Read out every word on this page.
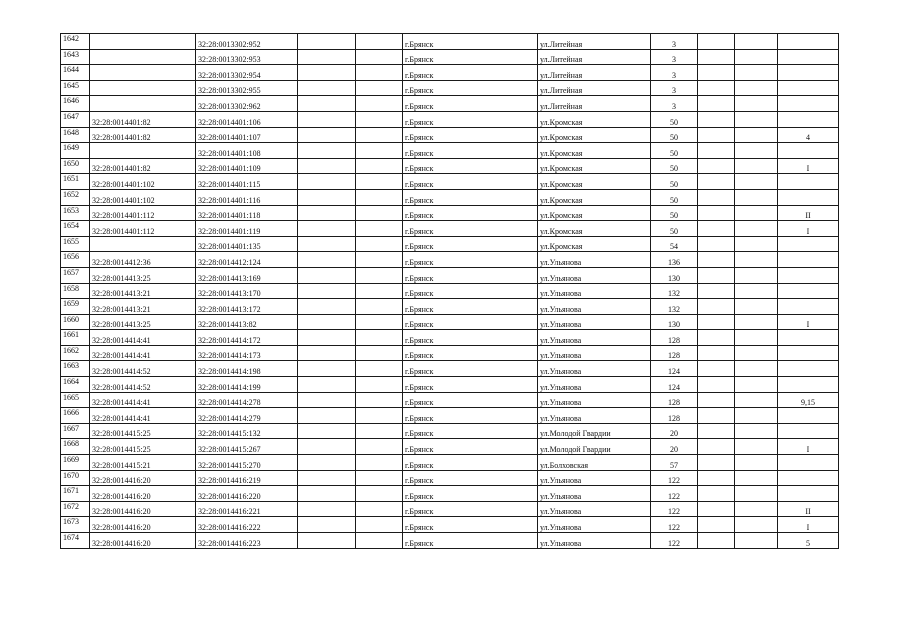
1642		32:28:0013302:952			г.Брянск	ул.Литейная	3			
1643		32:28:0013302:953			г.Брянск	ул.Литейная	3			
1644		32:28:0013302:954			г.Брянск	ул.Литейная	3			
1645		32:28:0013302:955			г.Брянск	ул.Литейная	3			
1646		32:28:0013302:962			г.Брянск	ул.Литейная	3			
1647	32:28:0014401:82	32:28:0014401:106			г.Брянск	ул.Кромская	50			
1648	32:28:0014401:82	32:28:0014401:107			г.Брянск	ул.Кромская	50			4
1649		32:28:0014401:108			г.Брянск	ул.Кромская	50			
1650	32:28:0014401:82	32:28:0014401:109			г.Брянск	ул.Кромская	50			I
1651	32:28:0014401:102	32:28:0014401:115			г.Брянск	ул.Кромская	50			
1652	32:28:0014401:102	32:28:0014401:116			г.Брянск	ул.Кромская	50			
1653	32:28:0014401:112	32:28:0014401:118			г.Брянск	ул.Кромская	50			II
1654	32:28:0014401:112	32:28:0014401:119			г.Брянск	ул.Кромская	50			I
1655		32:28:0014401:135			г.Брянск	ул.Кромская	54			
1656	32:28:0014412:36	32:28:0014412:124			г.Брянск	ул.Ульянова	136			
1657	32:28:0014413:25	32:28:0014413:169			г.Брянск	ул.Ульянова	130			
1658	32:28:0014413:21	32:28:0014413:170			г.Брянск	ул.Ульянова	132			
1659	32:28:0014413:21	32:28:0014413:172			г.Брянск	ул.Ульянова	132			
1660	32:28:0014413:25	32:28:0014413:82			г.Брянск	ул.Ульянова	130			I
1661	32:28:0014414:41	32:28:0014414:172			г.Брянск	ул.Ульянова	128			
1662	32:28:0014414:41	32:28:0014414:173			г.Брянск	ул.Ульянова	128			
1663	32:28:0014414:52	32:28:0014414:198			г.Брянск	ул.Ульянова	124			
1664	32:28:0014414:52	32:28:0014414:199			г.Брянск	ул.Ульянова	124			
1665	32:28:0014414:41	32:28:0014414:278			г.Брянск	ул.Ульянова	128			9,15
1666	32:28:0014414:41	32:28:0014414:279			г.Брянск	ул.Ульянова	128			
1667	32:28:0014415:25	32:28:0014415:132			г.Брянск	ул.Молодой Гвардии	20			
1668	32:28:0014415:25	32:28:0014415:267			г.Брянск	ул.Молодой Гвардии	20			I
1669	32:28:0014415:21	32:28:0014415:270			г.Брянск	ул.Болховская	57			
1670	32:28:0014416:20	32:28:0014416:219			г.Брянск	ул.Ульянова	122			
1671	32:28:0014416:20	32:28:0014416:220			г.Брянск	ул.Ульянова	122			
1672	32:28:0014416:20	32:28:0014416:221			г.Брянск	ул.Ульянова	122			II
1673	32:28:0014416:20	32:28:0014416:222			г.Брянск	ул.Ульянова	122			I
1674	32:28:0014416:20	32:28:0014416:223			г.Брянск	ул.Ульянова	122			5
